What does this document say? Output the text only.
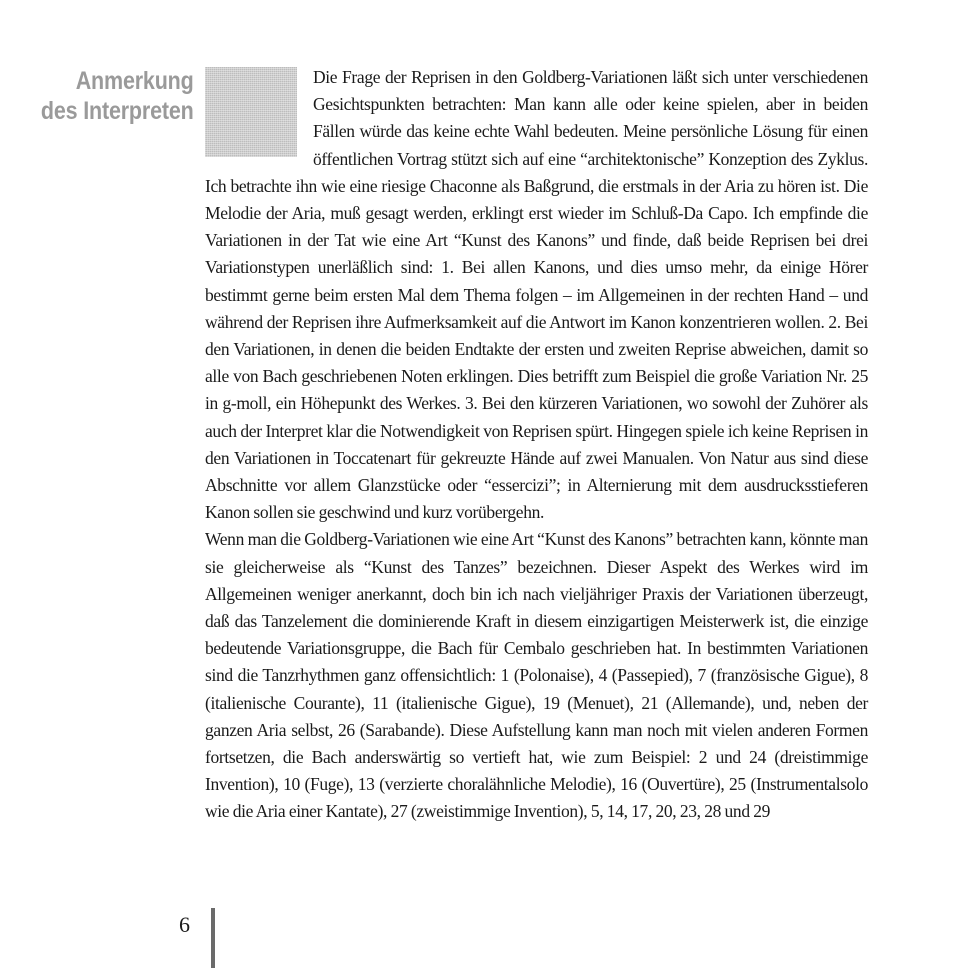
Anmerkung
des Interpreten

Die Frage der Reprisen in den Goldberg-Variationen läßt sich unter verschiedenen Gesichtspunkten betrachten: Man kann alle oder keine spielen, aber in beiden Fällen würde das keine echte Wahl bedeuten. Meine persönliche Lösung für einen öffentlichen Vortrag stützt sich auf eine “architektonische” Konzeption des Zyklus. Ich betrachte ihn wie eine riesige Chaconne als Baßgrund, die erstmals in der Aria zu hören ist. Die Melodie der Aria, muß gesagt werden, erklingt erst wieder im Schluß-Da Capo. Ich empfinde die Variationen in der Tat wie eine Art “Kunst des Kanons” und finde, daß beide Reprisen bei drei Variationstypen unerläßlich sind: 1. Bei allen Kanons, und dies umso mehr, da einige Hörer bestimmt gerne beim ersten Mal dem Thema folgen – im Allgemeinen in der rechten Hand – und während der Reprisen ihre Aufmerksamkeit auf die Antwort im Kanon konzentrieren wollen. 2. Bei den Variationen, in denen die beiden Endtakte der ersten und zweiten Reprise abweichen, damit so alle von Bach geschriebenen Noten erklingen. Dies betrifft zum Beispiel die große Variation Nr. 25 in g-moll, ein Höhepunkt des Werkes. 3. Bei den kürzeren Variationen, wo sowohl der Zuhörer als auch der Interpret klar die Notwendigkeit von Reprisen spürt. Hingegen spiele ich keine Reprisen in den Variationen in Toccatenart für gekreuzte Hände auf zwei Manualen. Von Natur aus sind diese Abschnitte vor allem Glanzstücke oder “essercizi”; in Alternierung mit dem ausdrucksstieferen Kanon sollen sie geschwind und kurz vorübergehn.

Wenn man die Goldberg-Variationen wie eine Art “Kunst des Kanons” betrachten kann, könnte man sie gleicherweise als “Kunst des Tanzes” bezeichnen. Dieser Aspekt des Werkes wird im Allgemeinen weniger anerkannt, doch bin ich nach vieljähriger Praxis der Variationen überzeugt, daß das Tanzelement die dominierende Kraft in diesem einzigartigen Meisterwerk ist, die einzige bedeutende Variationsgruppe, die Bach für Cembalo geschrieben hat. In bestimmten Variationen sind die Tanzrhythmen ganz offensichtlich: 1 (Polonaise), 4 (Passepied), 7 (französische Gigue), 8 (italienische Courante), 11 (italienische Gigue), 19 (Menuet), 21 (Allemande), und, neben der ganzen Aria selbst, 26 (Sarabande). Diese Aufstellung kann man noch mit vielen anderen Formen fortsetzen, die Bach anderswärtig so vertieft hat, wie zum Beispiel: 2 und 24 (dreistimmige Invention), 10 (Fuge), 13 (verzierte choralähnliche Melodie), 16 (Ouvertüre), 25 (Instrumentalsolo wie die Aria einer Kantate), 27 (zweistimmige Invention), 5, 14, 17, 20, 23, 28 und 29

6
